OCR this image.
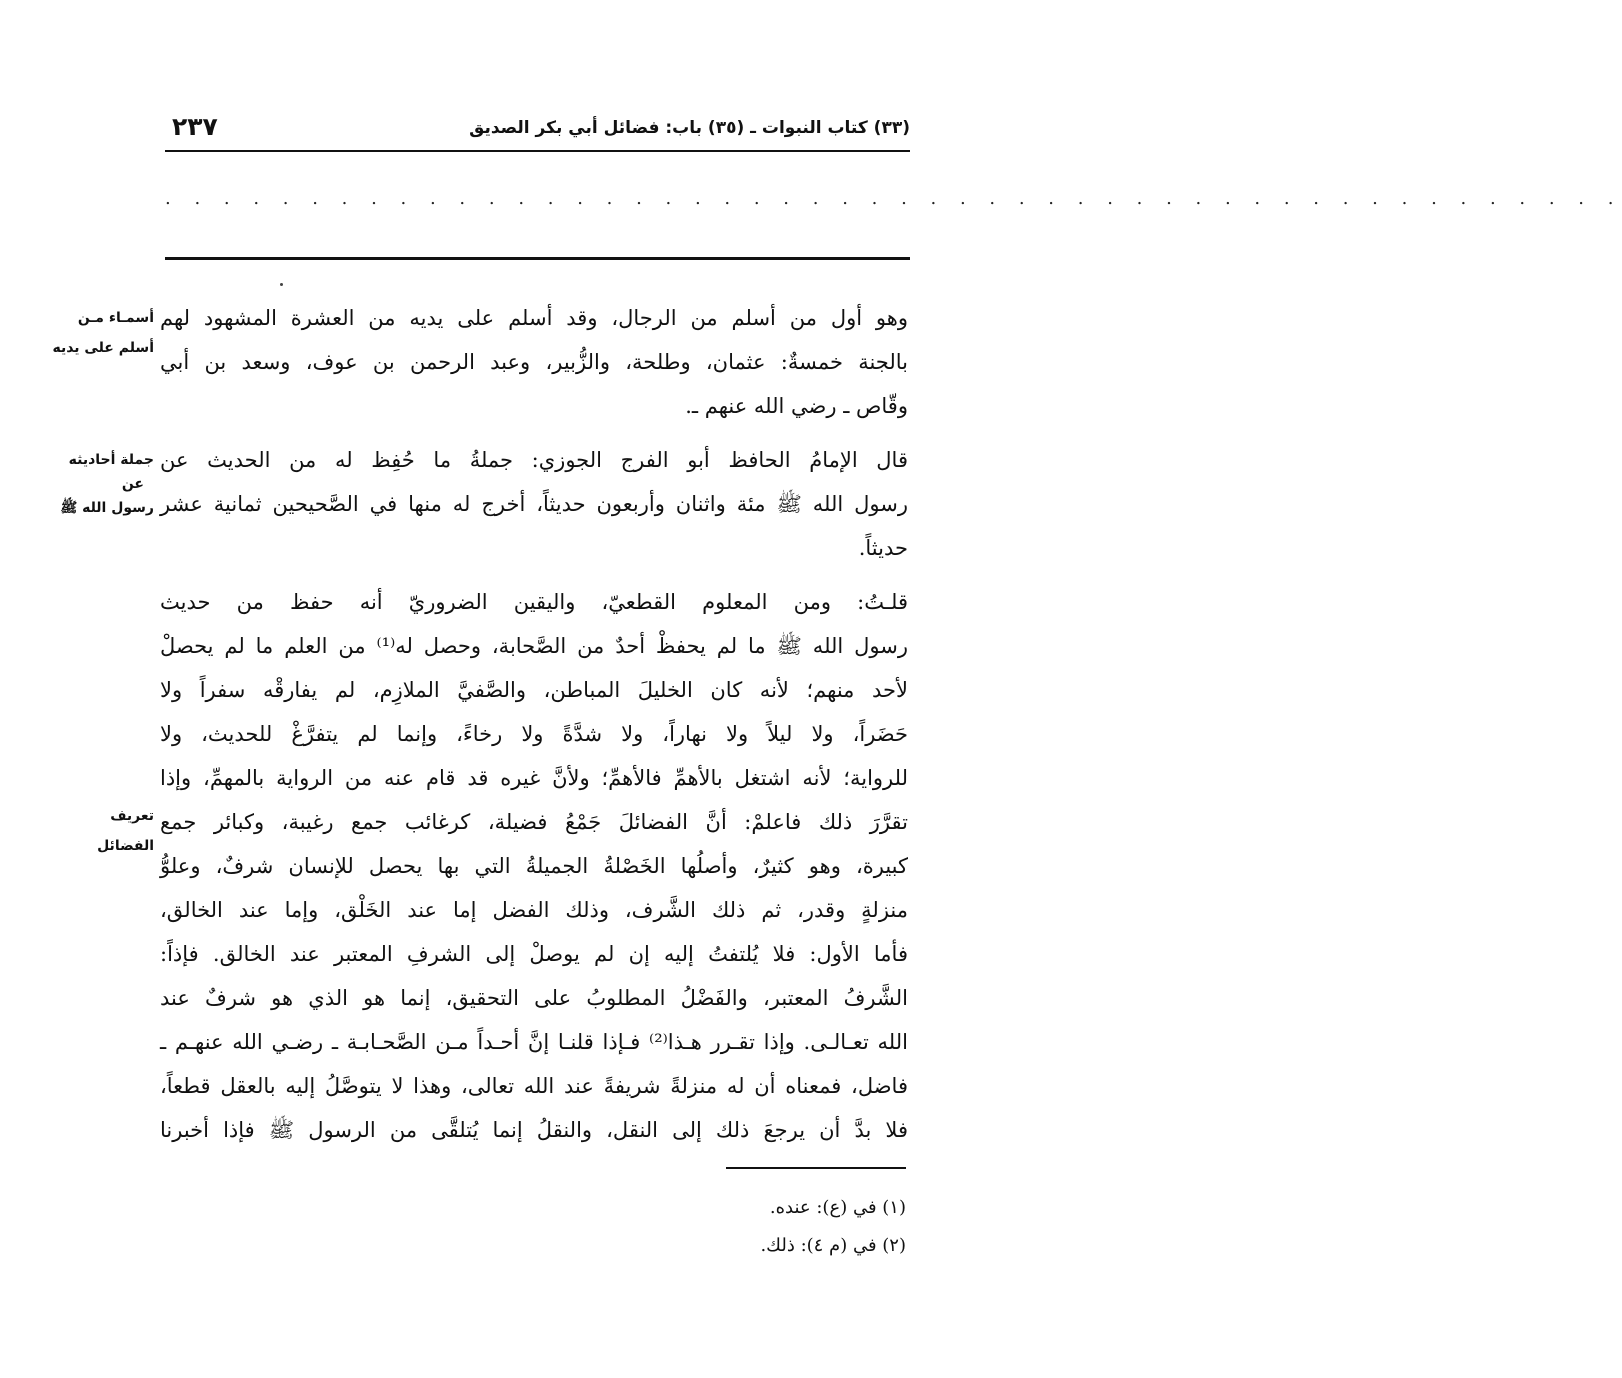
٢٣٧	(٣٣) كتاب النبوات ـ (٣٥) باب: فضائل أبي بكر الصديق
. . . . . . . . . . . . . . . . . . . . . . . . . . . . . . . . . . . . . . . . . . . . . . . . . .
أسمـاء مـن
أسلم على يديه
جملة أحاديثه
عن
رسول الله ﷺ
تعريف
الفضائل
وهو أول من أسلم من الرجال، وقد أسلم على يديه من العشرة المشهود لهم
بالجنة خمسةٌ: عثمان، وطلحة، والزُّبير، وعبد الرحمن بن عوف، وسعد بن أبي
وقّاص ـ رضي الله عنهم ـ.
قال الإمامُ الحافظ أبو الفرج الجوزي: جملةُ ما حُفِظ له من الحديث عن
رسول الله ﷺ مئة واثنان وأربعون حديثاً، أخرج له منها في الصَّحيحين ثمانية عشر
حديثاً.
قلـتُ: ومن المعلوم القطعيّ، واليقين الضروريّ أنه حفظ من حديث
رسول الله ﷺ ما لم يحفظْ أحدٌ من الصَّحابة، وحصل له⁽¹⁾ من العلم ما لم يحصلْ
لأحد منهم؛ لأنه كان الخليلَ المباطن، والصَّفيَّ الملازِم، لم يفارقْه سفراً ولا
حَضَراً، ولا ليلاً ولا نهاراً، ولا شدَّةً ولا رخاءً، وإنما لم يتفرَّغْ للحديث، ولا
للرواية؛ لأنه اشتغل بالأهمِّ فالأهمِّ؛ ولأنَّ غيره قد قام عنه من الرواية بالمهمِّ، وإذا
تقرَّرَ ذلك فاعلمْ: أنَّ الفضائلَ جَمْعُ فضيلة، كرغائب جمع رغيبة، وكبائر جمع
كبيرة، وهو كثيرٌ، وأصلُها الخَصْلةُ الجميلةُ التي بها يحصل للإنسان شرفٌ، وعلوُّ
منزلةٍ وقدر، ثم ذلك الشَّرف، وذلك الفضل إما عند الخَلْق، وإما عند الخالق،
فأما الأول: فلا يُلتفتُ إليه إن لم يوصلْ إلى الشرفِ المعتبر عند الخالق. فإذاً:
الشَّرفُ المعتبر، والفَضْلُ المطلوبُ على التحقيق، إنما هو الذي هو شرفٌ عند
الله تعـالـى. وإذا تقـرر هـذا⁽²⁾ فـإذا قلنـا إنَّ أحـداً مـن الصَّحـابـة ـ رضـي الله عنهـم ـ
فاضل، فمعناه أن له منزلةً شريفةً عند الله تعالى، وهذا لا يتوصَّلُ إليه بالعقل قطعاً،
فلا بدَّ أن يرجعَ ذلك إلى النقل، والنقلُ إنما يُتلقَّى من الرسول ﷺ فإذا أخبرنا
(١) في (ع): عنده.
(٢) في (م ٤): ذلك.
